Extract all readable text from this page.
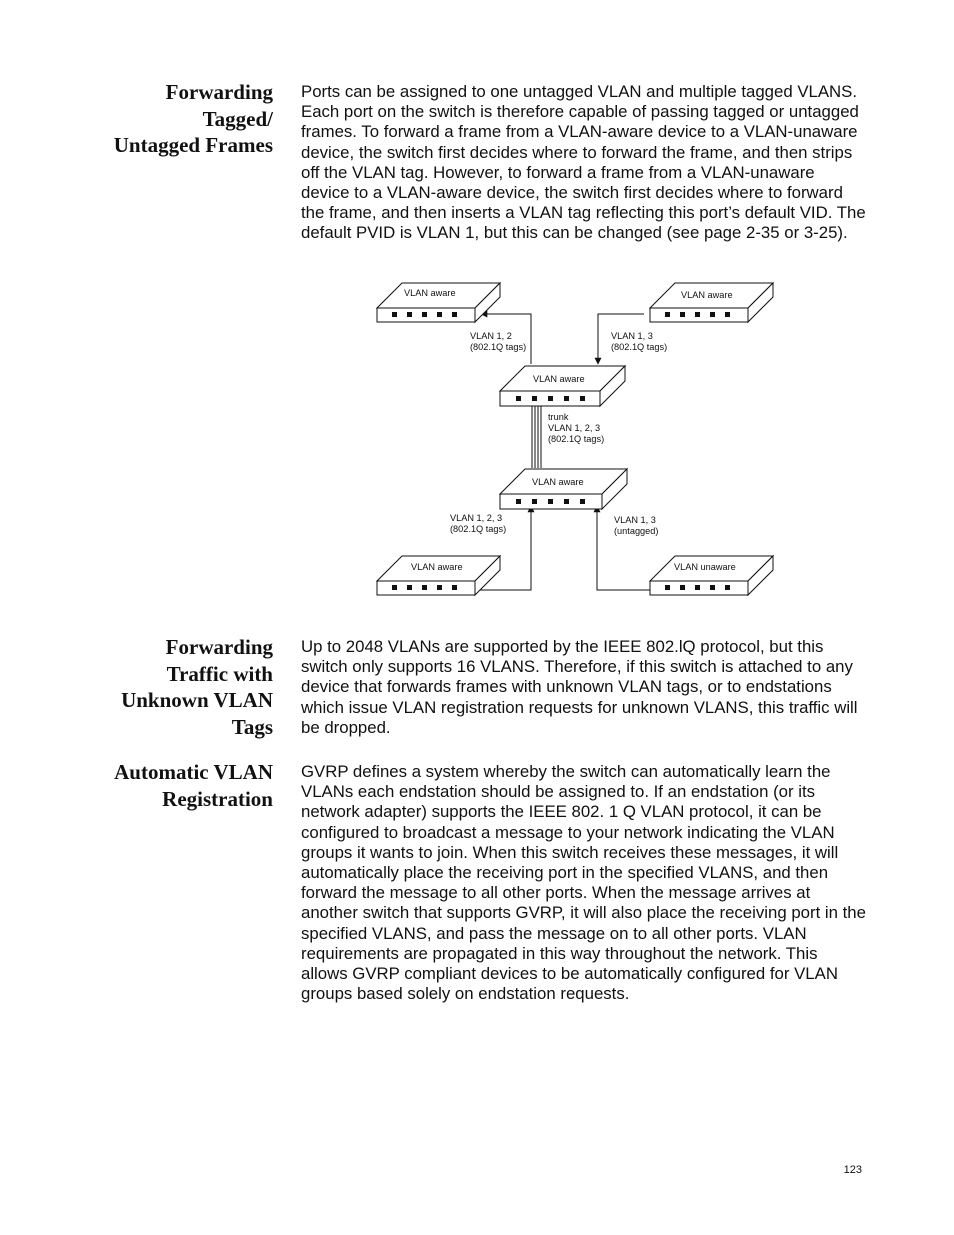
Forwarding
Tagged/
Untagged Frames

Ports can be assigned to one untagged VLAN and multiple tagged VLANS. Each port on the switch is therefore capable of passing tagged or untagged frames. To forward a frame from a VLAN-aware device to a VLAN-unaware device, the switch first decides where to forward the frame, and then strips off the VLAN tag. However, to forward a frame from a VLAN-unaware device to a VLAN-aware device, the switch first decides where to forward the frame, and then inserts a VLAN tag reflecting this port’s default VID. The default PVID is VLAN 1, but this can be changed (see page 2-35 or 3-25).

VLAN aware	VLAN aware
VLAN aware
VLAN aware
VLAN aware	VLAN unaware
VLAN 1, 2
(802.1Q tags)
VLAN 1, 3
(802.1Q tags)
trunk
VLAN 1, 2, 3
(802.1Q tags)
VLAN 1, 2, 3
(802.1Q tags)
VLAN 1, 3
(untagged)
Forwarding
Traffic with
Unknown VLAN
Tags

Up to 2048 VLANs are supported by the IEEE 802.lQ protocol, but this switch only supports 16 VLANS. Therefore, if this switch is attached to any device that forwards frames with unknown VLAN tags, or to endstations which issue VLAN registration requests for unknown VLANS, this traffic will be dropped.

Automatic VLAN
Registration

GVRP defines a system whereby the switch can automatically learn the VLANs each endstation should be assigned to. If an endstation (or its network adapter) supports the IEEE 802. 1 Q VLAN protocol, it can be configured to broadcast a message to your network indicating the VLAN groups it wants to join. When this switch receives these messages, it will automatically place the receiving port in the specified VLANS, and then forward the message to all other ports. When the message arrives at another switch that supports GVRP, it will also place the receiving port in the specified VLANS, and pass the message on to all other ports. VLAN requirements are propagated in this way throughout the network. This allows GVRP compliant devices to be automatically configured for VLAN groups based solely on endstation requests.

123
